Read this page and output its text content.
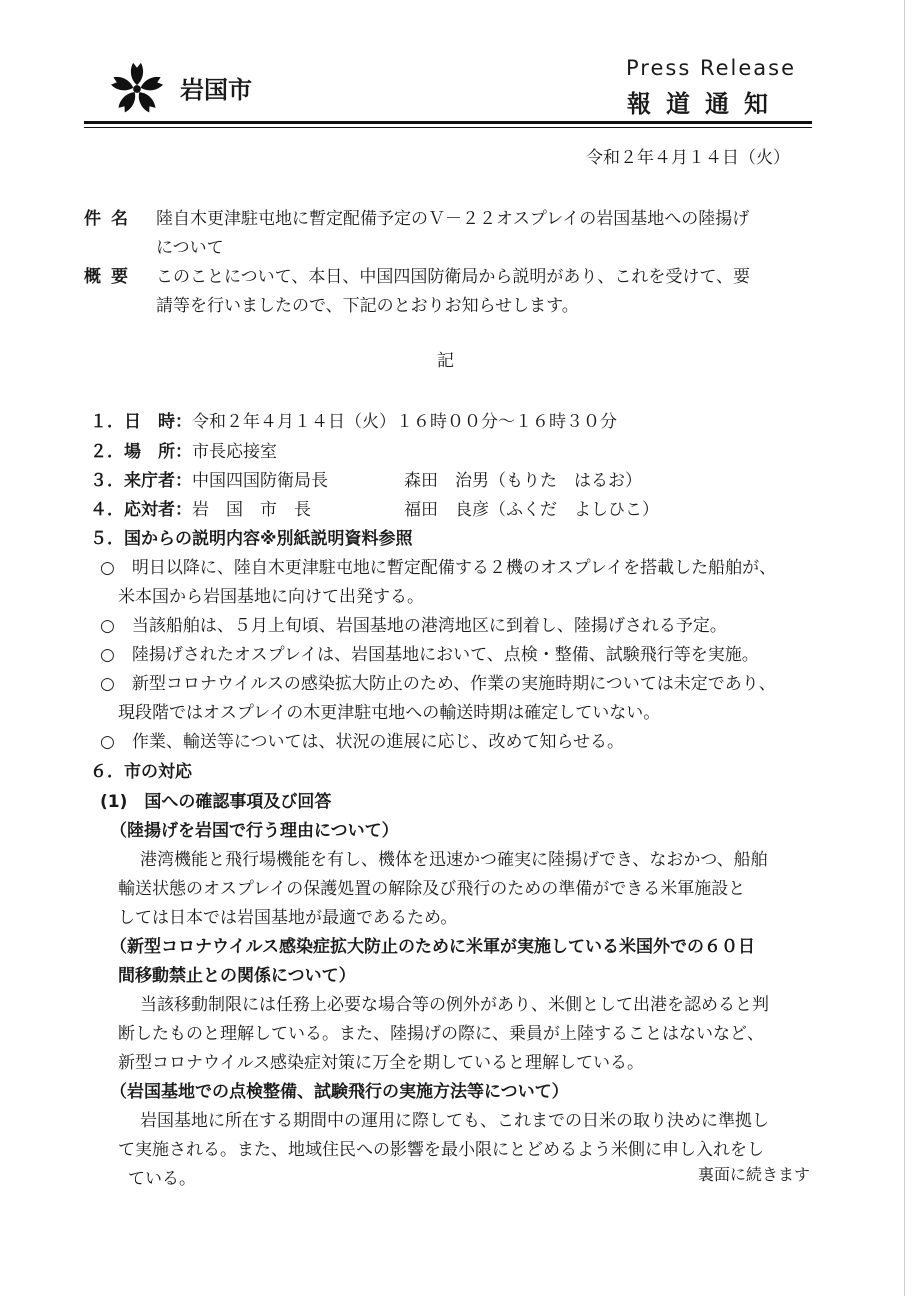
岩国市
Press Release
報道通知
令和２年４月１４日（火）
件名 陸自木更津駐屯地に暫定配備予定のＶ－２２オスプレイの岩国基地への陸揚げ
について
概要 このことについて、本日、中国四国防衛局から説明があり、これを受けて、要
請等を行いましたので、下記のとおりお知らせします。
記
１．日　時： 令和２年４月１４日（火）１６時００分～１６時３０分
２．場　所： 市長応接室
３．来庁者： 中国四国防衛局長	森田　治男（もりた　はるお）
４．応対者： 岩　国　市　長	福田　良彦（ふくだ　よしひこ）
５．国からの説明内容※別紙説明資料参照
○　明日以降に、陸自木更津駐屯地に暫定配備する２機のオスプレイを搭載した船舶が、
米本国から岩国基地に向けて出発する。
○　当該船舶は、５月上旬頃、岩国基地の港湾地区に到着し、陸揚げされる予定。
○　陸揚げされたオスプレイは、岩国基地において、点検・整備、試験飛行等を実施。
○　新型コロナウイルスの感染拡大防止のため、作業の実施時期については未定であり、
現段階ではオスプレイの木更津駐屯地への輸送時期は確定していない。
○　作業、輸送等については、状況の進展に応じ、改めて知らせる。
６．市の対応
(1)　国への確認事項及び回答
（陸揚げを岩国で行う理由について）
港湾機能と飛行場機能を有し、機体を迅速かつ確実に陸揚げでき、なおかつ、船舶
輸送状態のオスプレイの保護処置の解除及び飛行のための準備ができる米軍施設と
しては日本では岩国基地が最適であるため。
（新型コロナウイルス感染症拡大防止のために米軍が実施している米国外での６０日
間移動禁止との関係について）
当該移動制限には任務上必要な場合等の例外があり、米側として出港を認めると判
断したものと理解している。また、陸揚げの際に、乗員が上陸することはないなど、
新型コロナウイルス感染症対策に万全を期していると理解している。
（岩国基地での点検整備、試験飛行の実施方法等について）
岩国基地に所在する期間中の運用に際しても、これまでの日米の取り決めに準拠し
て実施される。また、地域住民への影響を最小限にとどめるよう米側に申し入れをし
ている。	裏面に続きます
